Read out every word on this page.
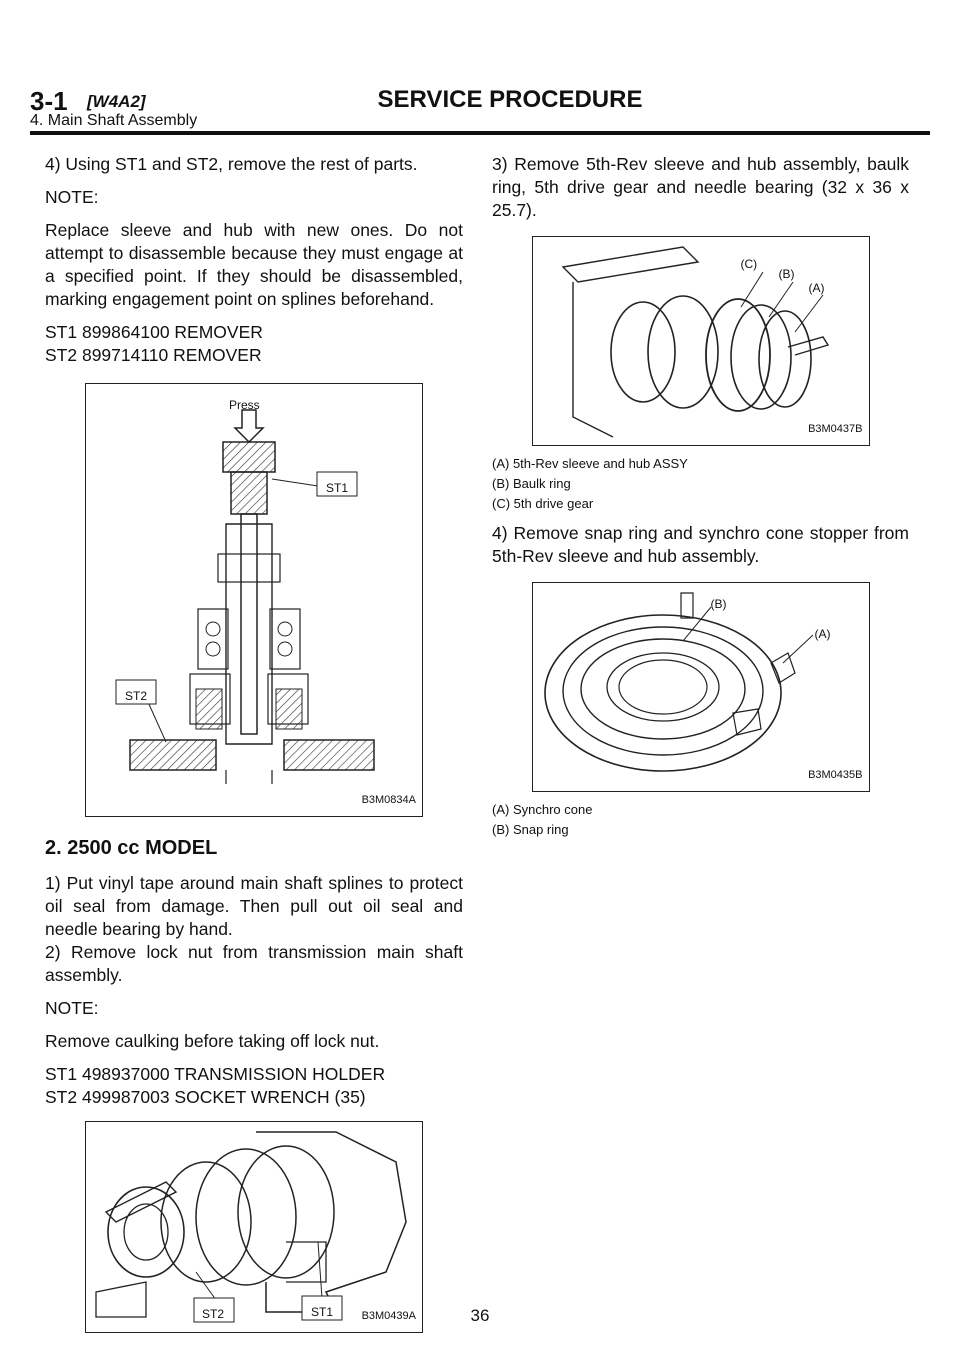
3-1 [W4A2]	SERVICE PROCEDURE
4. Main Shaft Assembly

4) Using ST1 and ST2, remove the rest of parts.

NOTE:

Replace sleeve and hub with new ones. Do not attempt to disassemble because they must engage at a specified point. If they should be disassembled, marking engagement point on splines beforehand.

ST1 899864100 REMOVER
ST2 899714110 REMOVER
Press
ST1
ST2
B3M0834A
2. 2500 cc MODEL

1) Put vinyl tape around main shaft splines to protect oil seal from damage. Then pull out oil seal and needle bearing by hand.

2) Remove lock nut from transmission main shaft assembly.

NOTE:

Remove caulking before taking off lock nut.

ST1 498937000 TRANSMISSION HOLDER
ST2 499987003 SOCKET WRENCH (35)
ST2	ST1	B3M0439A

3) Remove 5th-Rev sleeve and hub assembly, baulk ring, 5th drive gear and needle bearing (32 x 36 x 25.7).

(C)
(B)
(A)
B3M0437B
(A) 5th-Rev sleeve and hub ASSY
(B) Baulk ring
(C) 5th drive gear

4) Remove snap ring and synchro cone stopper from 5th-Rev sleeve and hub assembly.

(B)
(A)
B3M0435B
(A) Synchro cone
(B) Snap ring
36
